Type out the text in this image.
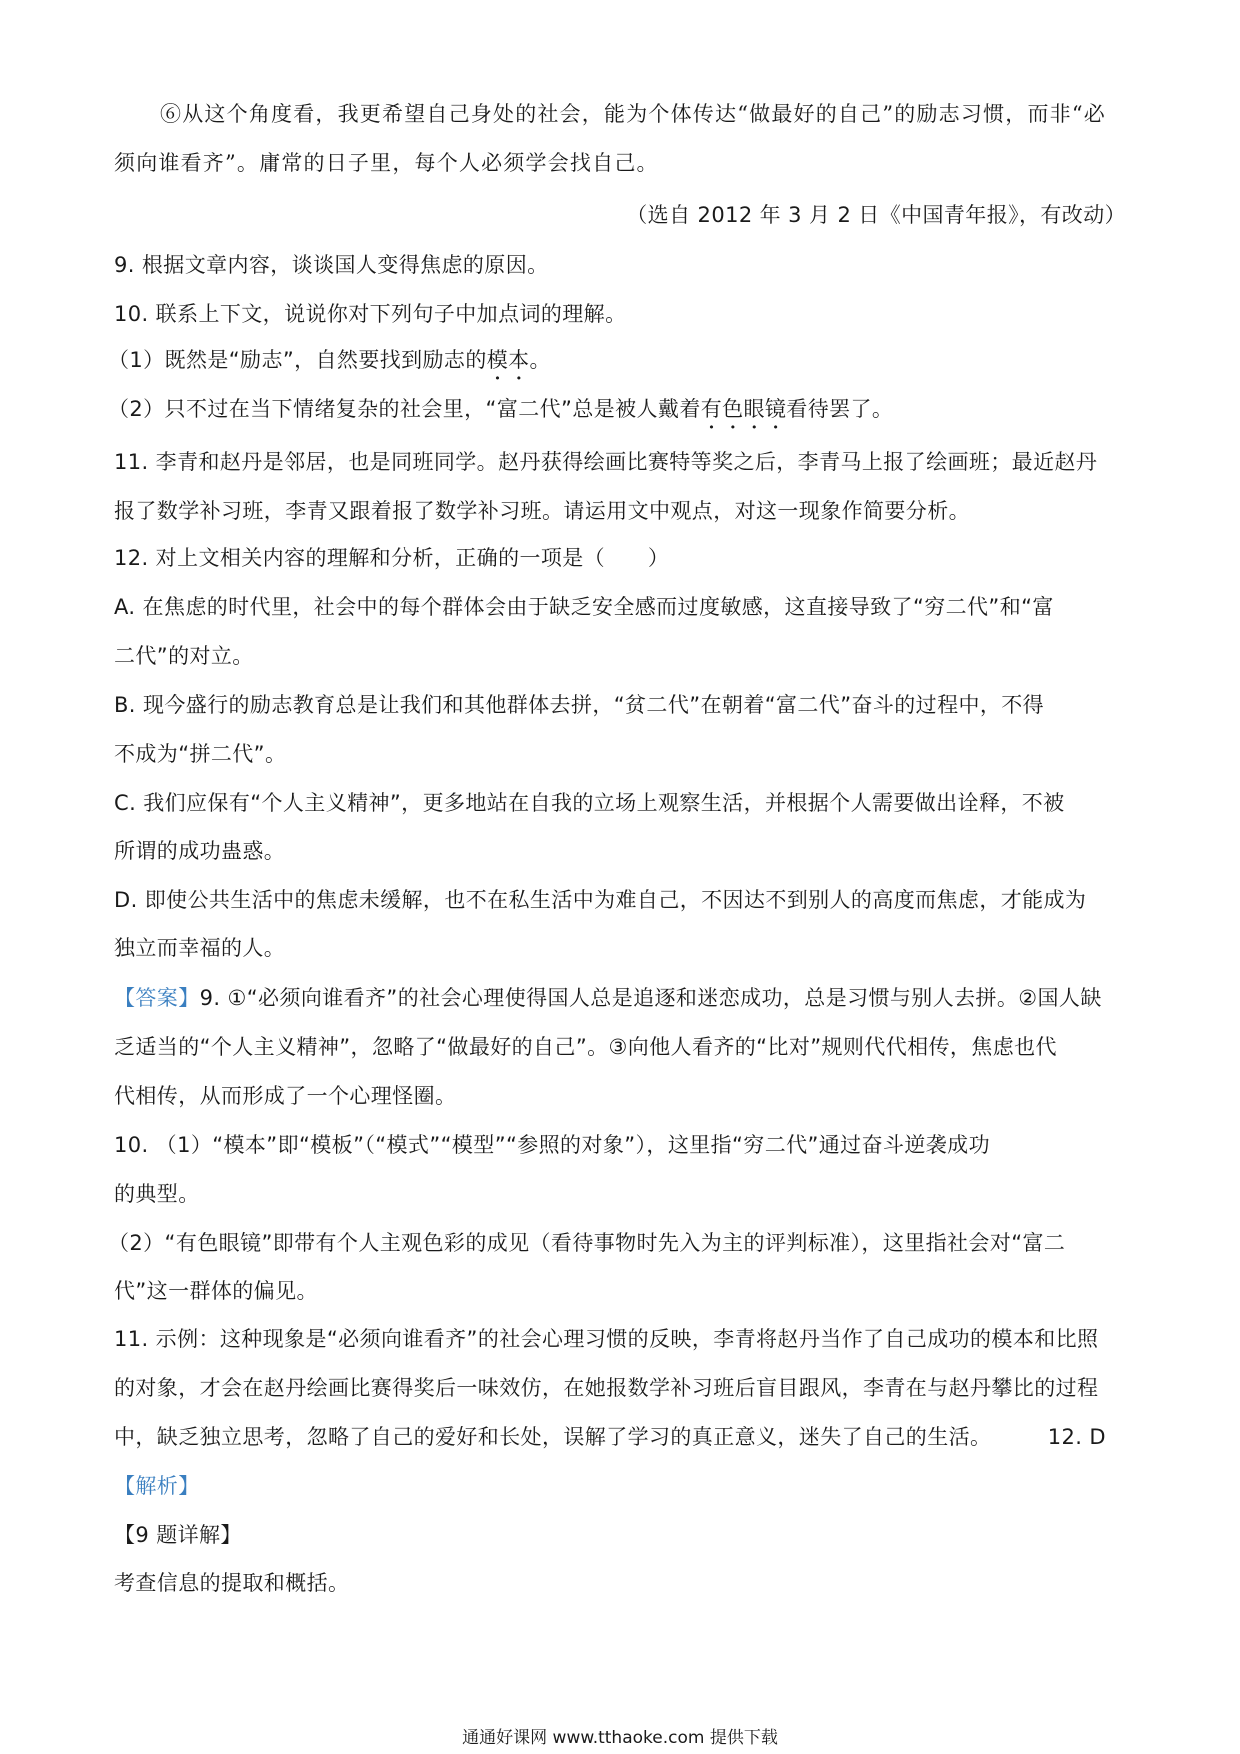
⑥从这个角度看，我更希望自己身处的社会，能为个体传达“做最好的自己”的励志习惯，而非“必
须向谁看齐”。庸常的日子里，每个人必须学会找自己。
（选自 2012 年 3 月 2 日《中国青年报》，有改动）
9. 根据文章内容，谈谈国人变得焦虑的原因。
10. 联系上下文，说说你对下列句子中加点词的理解。
（1）既然是“励志”，自然要找到励志的模本。
（2）只不过在当下情绪复杂的社会里，“富二代”总是被人戴着有色眼镜看待罢了。
11. 李青和赵丹是邻居，也是同班同学。赵丹获得绘画比赛特等奖之后，李青马上报了绘画班；最近赵丹
报了数学补习班，李青又跟着报了数学补习班。请运用文中观点，对这一现象作简要分析。
12. 对上文相关内容的理解和分析，正确的一项是（　　）
A. 在焦虑的时代里，社会中的每个群体会由于缺乏安全感而过度敏感，这直接导致了“穷二代”和“富
二代”的对立。
B. 现今盛行的励志教育总是让我们和其他群体去拼，“贫二代”在朝着“富二代”奋斗的过程中，不得
不成为“拼二代”。
C. 我们应保有“个人主义精神”，更多地站在自我的立场上观察生活，并根据个人需要做出诠释，不被
所谓的成功蛊惑。
D. 即使公共生活中的焦虑未缓解，也不在私生活中为难自己，不因达不到别人的高度而焦虑，才能成为
独立而幸福的人。
【答案】9. ①“必须向谁看齐”的社会心理使得国人总是追逐和迷恋成功，总是习惯与别人去拼。②国人缺
乏适当的“个人主义精神”，忽略了“做最好的自己”。③向他人看齐的“比对”规则代代相传，焦虑也代
代相传，从而形成了一个心理怪圈。
10. （1）“模本”即“模板”（“模式”“模型”“参照的对象”），这里指“穷二代”通过奋斗逆袭成功
的典型。
（2）“有色眼镜”即带有个人主观色彩的成见（看待事物时先入为主的评判标准），这里指社会对“富二
代”这一群体的偏见。
11. 示例：这种现象是“必须向谁看齐”的社会心理习惯的反映，李青将赵丹当作了自己成功的模本和比照
的对象，才会在赵丹绘画比赛得奖后一味效仿，在她报数学补习班后盲目跟风，李青在与赵丹攀比的过程
中，缺乏独立思考，忽略了自己的爱好和长处，误解了学习的真正意义，迷失了自己的生活。	12. D
【解析】
【9 题详解】
考查信息的提取和概括。
通通好课网 www.tthaoke.com 提供下载
